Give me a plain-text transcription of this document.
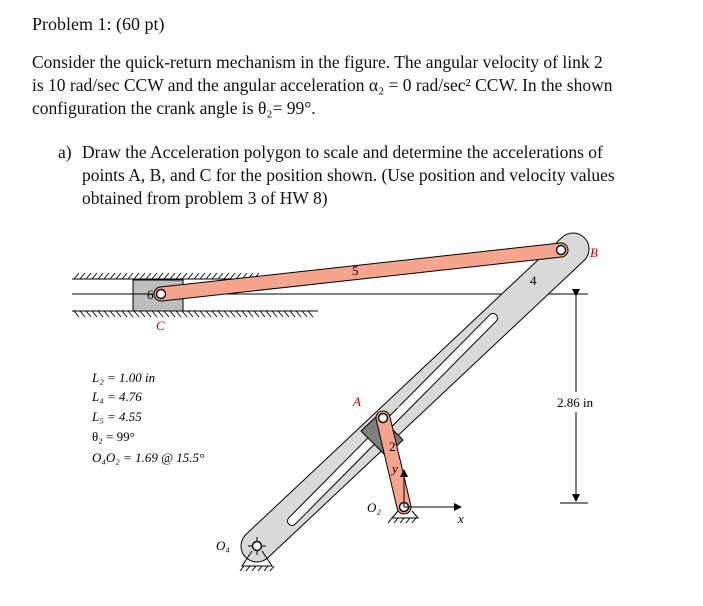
Problem 1: (60 pt)
Consider the quick-return mechanism in the figure. The angular velocity of link 2
is 10 rad/sec CCW and the angular acceleration α₂ = 0 rad/sec² CCW. In the shown
configuration the crank angle is θ₂= 99°.
a) Draw the Acceleration polygon to scale and determine the accelerations of
points A, B, and C for the position shown. (Use position and velocity values
obtained from problem 3 of HW 8)
6
5
4
3
2
C
B
A
O₂
O₄
x
y
2.86 in
L₂ = 1.00 in
L₄ = 4.76
L₅ = 4.55
θ₂ = 99°
O₄O₂ = 1.69 @ 15.5°
